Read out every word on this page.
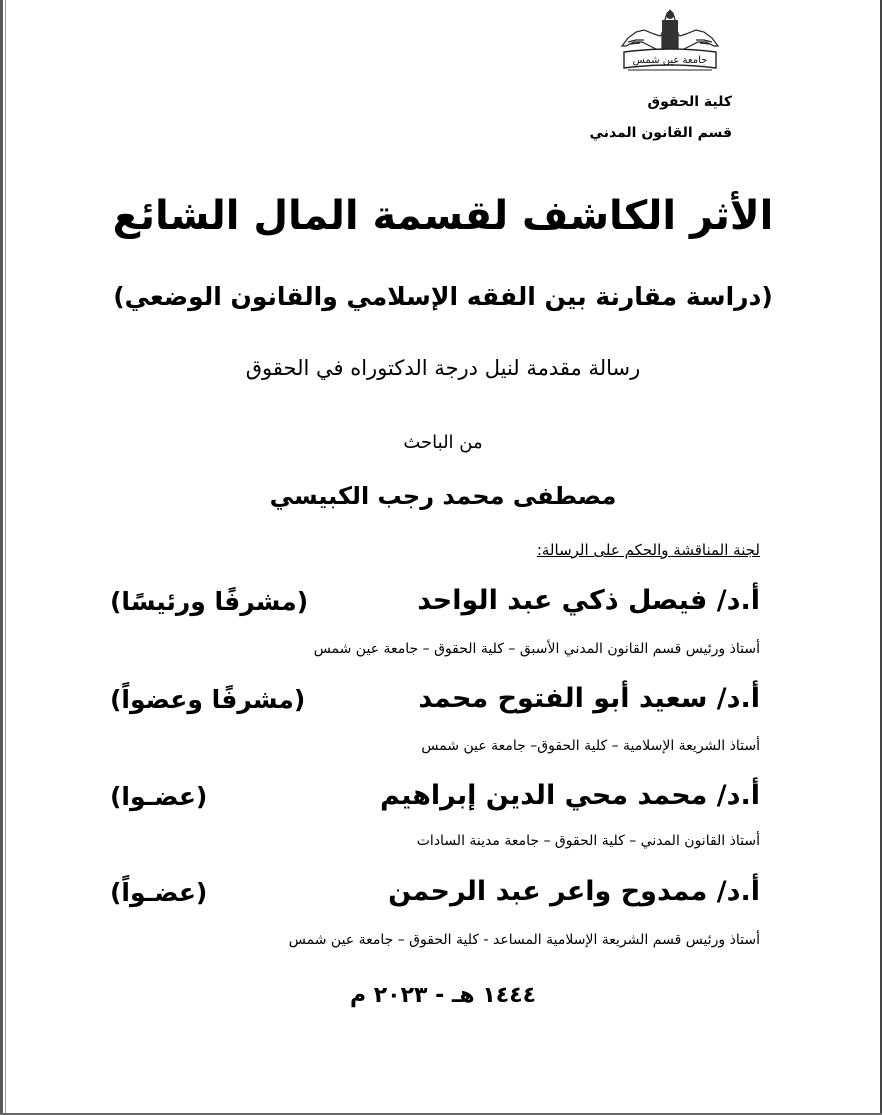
جامعة عين شمس
كلية الحقوق
قسم القانون المدني
الأثر الكاشف لقسمة المال الشائع
(دراسة مقارنة بين الفقه الإسلامي والقانون الوضعي)
رسالة مقدمة لنيل درجة الدكتوراه في الحقوق
من الباحث
مصطفى محمد رجب الكبيسي
لجنة المناقشة والحكم على الرسالة:
أ.د/ فيصل ذكي عبد الواحد
(مشرفًا ورئيسًا)
أستاذ ورئيس قسم القانون المدني الأسبق – كلية الحقوق – جامعة عين شمس
أ.د/ سعيد أبو الفتوح محمد
(مشرفًا وعضواً)
أستاذ الشريعة الإسلامية – كلية الحقوق– جامعة عين شمس
أ.د/ محمد محي الدين إبراهيم
(عضـوا)
أستاذ القانون المدني – كلية الحقوق – جامعة مدينة السادات
أ.د/ ممدوح واعر عبد الرحمن
(عضـواً)
أستاذ ورئيس قسم الشريعة الإسلامية المساعد - كلية الحقوق – جامعة عين شمس
١٤٤٤ هـ - ٢٠٢٣ م
